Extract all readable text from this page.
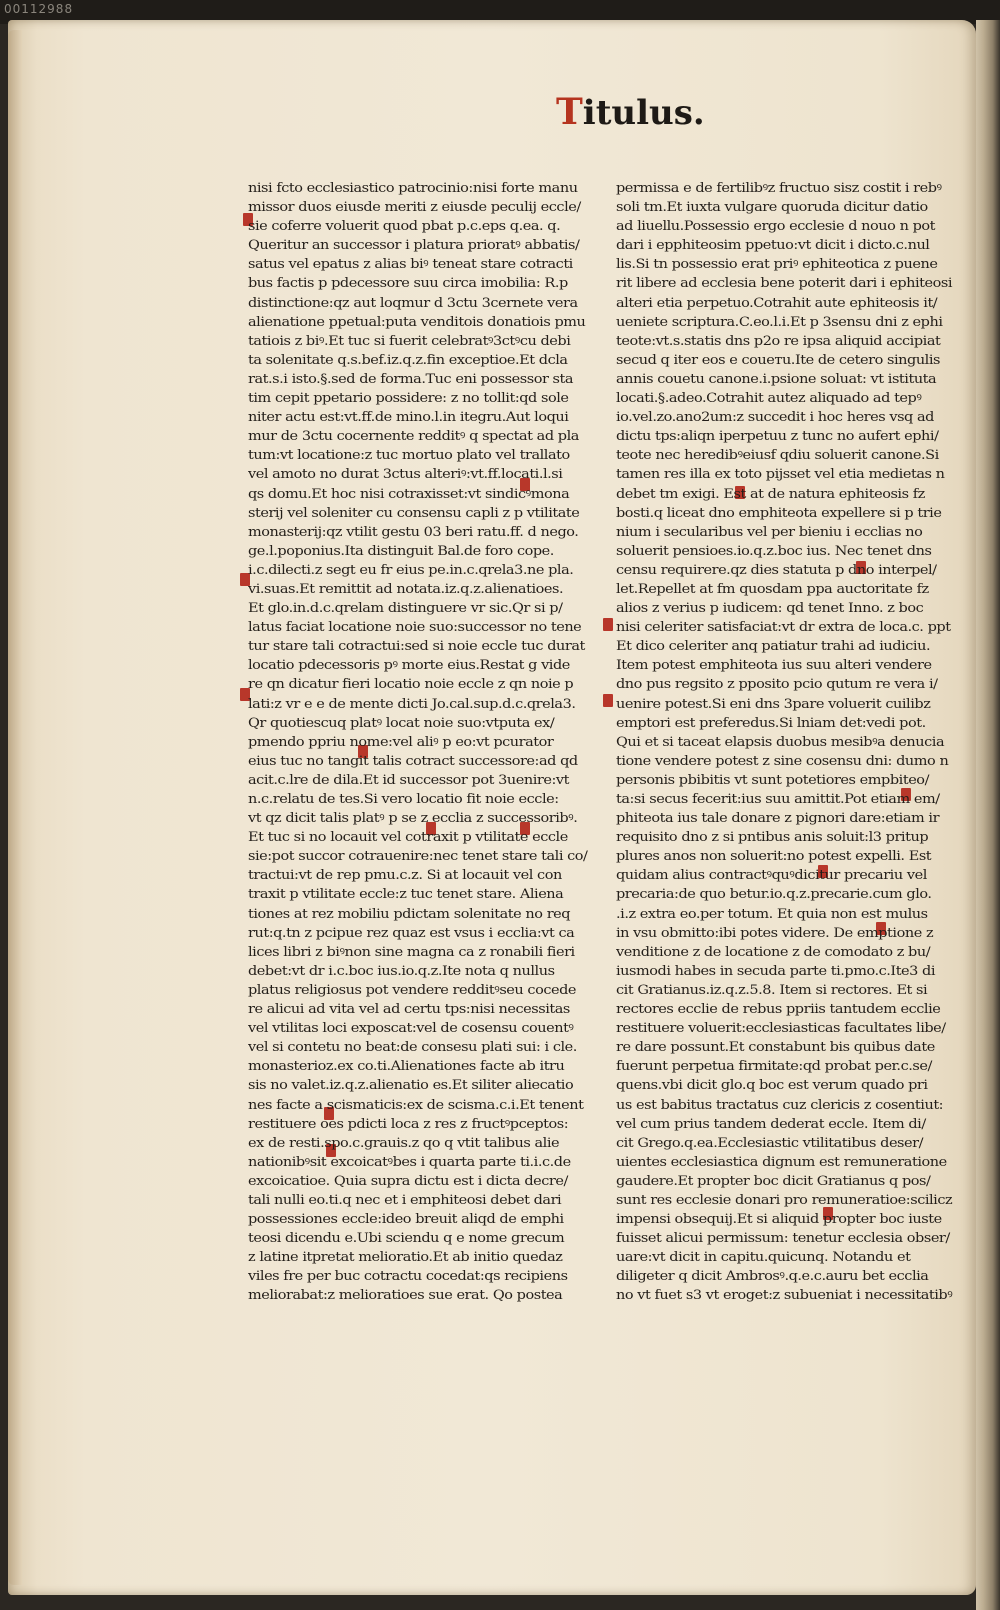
00112988
Titulus.
nisi fcto ecclesiastico patrocinio:nisi forte manu
missor duos eiusde meriti z eiusde peculij eccle/
sie coferre voluerit quod pbat p.c.eps q.ea. q.
Queritur an successor i platura prioratꝰ abbatis/
satus vel epatus z alias biꝰ teneat stare cotracti
bus factis p pdecessore suu circa imobilia: R.p
distinctione:qz aut loqmur d 3ctu 3cernete vera
alienatione ppetual:puta venditois donatiois pmu
tatiois z biꝰ.Et tuc si fuerit celebratꝰ3ctꝰcu debi
ta solenitate q.s.bef.iz.q.z.fin exceptioe.Et dcla
rat.s.i isto.§.sed de forma.Tuc eni possessor sta
tim cepit ppetario possidere: z no tollit:qd sole
niter actu est:vt.ff.de mino.l.in itegru.Aut loqui
mur de 3ctu cocernente redditꝰ q spectat ad pla
tum:vt locatione:z tuc mortuo plato vel trallato
vel amoto no durat 3ctus alteriꝰ:vt.ff.locati.l.si
qs domu.Et hoc nisi cotraxisset:vt sindicꝰmona
sterij vel soleniter cu consensu capli z p vtilitate
monasterij:qz vtilit gestu 03 beri ratu.ff. d nego.
ge.l.poponius.Ita distinguit Bal.de foro cope.
i.c.dilecti.z segt eu fr eius pe.in.c.qrela3.ne pla.
vi.suas.Et remittit ad notata.iz.q.z.alienatioes.
Et glo.in.d.c.qrelam distinguere vr sic.Qr si p/
latus faciat locatione noie suo:successor no tene
tur stare tali cotractui:sed si noie eccle tuc durat
locatio pdecessoris pꝰ morte eius.Restat g vide
re qn dicatur fieri locatio noie eccle z qn noie p
lati:z vr e e de mente dicti Jo.cal.sup.d.c.qrela3.
Qr quotiescuq platꝰ locat noie suo:vtputa ex/
pmendo ppriu nome:vel aliꝰ p eo:vt pcurator
eius tuc no tangit talis cotract successore:ad qd
acit.c.lre de dila.Et id successor pot 3uenire:vt
n.c.relatu de tes.Si vero locatio fit noie eccle:
vt qz dicit talis platꝰ p se z ecclia z successoribꝰ.
Et tuc si no locauit vel cotraxit p vtilitate eccle
sie:pot succor cotrauenire:nec tenet stare tali co/
tractui:vt de rep pmu.c.z. Si at locauit vel con
traxit p vtilitate eccle:z tuc tenet stare. Aliena
tiones at rez mobiliu pdictam solenitate no req
rut:q.tn z pcipue rez quaz est vsus i ecclia:vt ca
lices libri z biꝰnon sine magna ca z ronabili fieri
debet:vt dr i.c.boc ius.io.q.z.Ite nota q nullus
platus religiosus pot vendere redditꝰseu cocede
re alicui ad vita vel ad certu tps:nisi necessitas
vel vtilitas loci exposcat:vel de cosensu couentꝰ
vel si contetu no beat:de consesu plati sui: i cle.
monasterioz.ex co.ti.Alienationes facte ab itru
sis no valet.iz.q.z.alienatio es.Et siliter aliecatio
nes facte a scismaticis:ex de scisma.c.i.Et tenent
restituere oes pdicti loca z res z fructꝰpceptos:
ex de resti.spo.c.grauis.z qo q vtit talibus alie
nationibꝰsit excoicatꝰbes i quarta parte ti.i.c.de
excoicatioe. Quia supra dictu est i dicta decre/
tali nulli eo.ti.q nec et i emphiteosi debet dari
possessiones eccle:ideo breuit aliqd de emphi
teosi dicendu e.Ubi sciendu q e nome grecum
z latine itpretat melioratio.Et ab initio quedaz
viles fre per buc cotractu cocedat:qs recipiens
meliorabat:z melioratioes sue erat. Qo postea
permissa e de fertilibꝰz fructuo sisz costit i rebꝰ
soli tm.Et iuxta vulgare quoruda dicitur datio
ad liuellu.Possessio ergo ecclesie d nouo n pot
dari i epphiteosim ppetuo:vt dicit i dicto.c.nul
lis.Si tn possessio erat priꝰ ephiteotica z puene
rit libere ad ecclesia bene poterit dari i ephiteosi
alteri etia perpetuo.Cotrahit aute ephiteosis it/
ueniete scriptura.C.eo.l.i.Et p 3sensu dni z ephi
teote:vt.s.statis dns p2o re ipsa aliquid accipiat
secud q iter eos e coueтu.Ite de cetero singulis
annis couetu canone.i.psione soluat: vt istituta
locati.§.adeo.Cotrahit autez aliquado ad tepꝰ
io.vel.zo.ano2um:z succedit i hoc heres vsq ad
dictu tps:aliqn iperpetuu z tunc no aufert ephi/
teote nec heredibꝰeiusf qdiu soluerit canone.Si
tamen res illa ex toto pijsset vel etia medietas n
debet tm exigi. Est at de natura ephiteosis fz
bosti.q liceat dno emphiteota expellere si p trie
nium i secularibus vel per bieniu i ecclias no
soluerit pensioes.io.q.z.boc ius. Nec tenet dns
censu requirere.qz dies statuta p dno interpel/
let.Repellet at fm quosdam ppa auctoritate fz
alios z verius p iudicem: qd tenet Inno. z boc
nisi celeriter satisfaciat:vt dr extra de loca.c. ppt
Et dico celeriter anq patiatur trahi ad iudiciu.
Item potest emphiteota ius suu alteri vendere
dno pus regsito z pposito pcio qutum re vera i/
uenire potest.Si eni dns 3pare voluerit cuilibz
emptori est preferedus.Si lniam det:vedi pot.
Qui et si taceat elapsis duobus mesibꝰa denucia
tione vendere potest z sine cosensu dni: dumo n
personis pbibitis vt sunt potetiores empbiteo/
ta:si secus fecerit:ius suu amittit.Pot etiam em/
phiteota ius tale donare z pignori dare:etiam ir
requisito dno z si pntibus anis soluit:l3 pritup
plures anos non soluerit:no potest expelli. Est
quidam alius contractꝰquꝰdicitur precariu vel
precaria:de quo betur.io.q.z.precarie.cum glo.
.i.z extra eo.per totum. Et quia non est mulus
in vsu obmitto:ibi potes videre. De emptione z
venditione z de locatione z de comodato z bu/
iusmodi habes in secuda parte ti.pmo.c.Ite3 di
cit Gratianus.iz.q.z.5.8. Item si rectores. Et si
rectores ecclie de rebus ppriis tantudem ecclie
restituere voluerit:ecclesiasticas facultates libe/
re dare possunt.Et constabunt bis quibus date
fuerunt perpetua firmitate:qd probat per.c.se/
quens.vbi dicit glo.q boc est verum quado pri
us est babitus tractatus cuz clericis z cosentiut:
vel cum prius tandem dederat eccle. Item di/
cit Grego.q.ea.Ecclesiastic vtilitatibus deser/
uientes ecclesiastica dignum est remuneratione
gaudere.Et propter boc dicit Gratianus q pos/
sunt res ecclesie donari pro remuneratioe:scilicz
impensi obsequij.Et si aliquid propter boc iuste
fuisset alicui permissum: tenetur ecclesia obser/
uare:vt dicit in capitu.quicunq. Notandu et
diligeter q dicit Ambrosꝰ.q.e.c.auru bet ecclia
no vt fuet s3 vt eroget:z subueniat i necessitatibꝰ
